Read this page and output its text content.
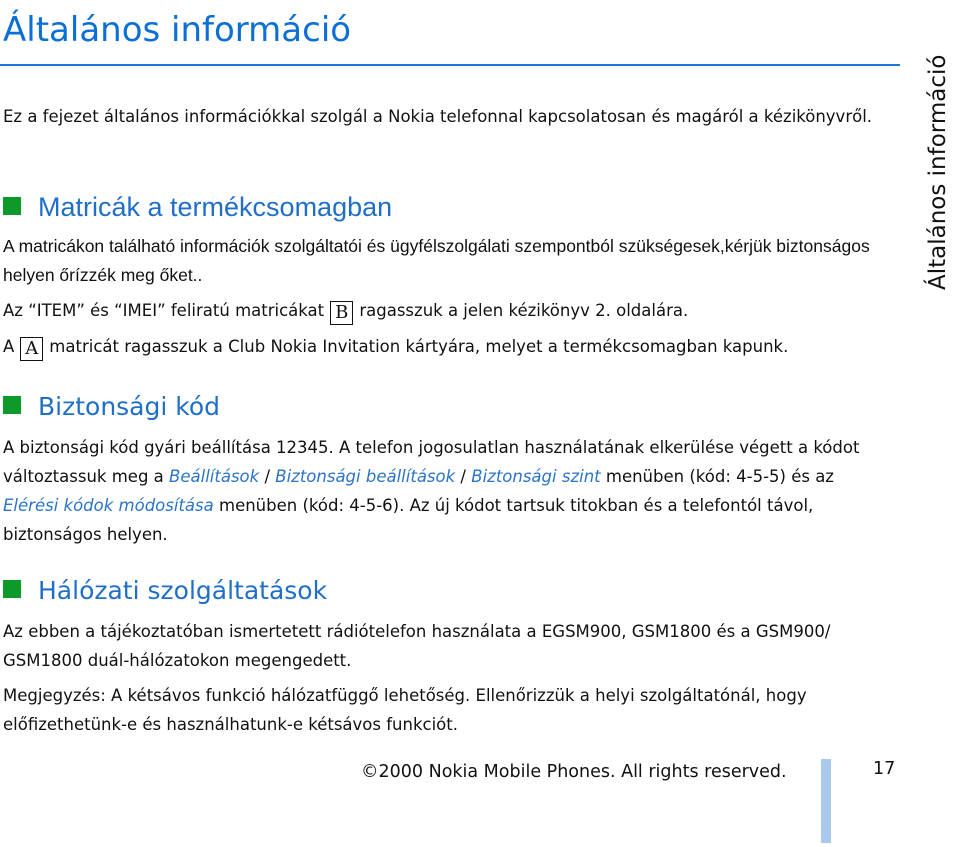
Általános információ
Általános információ

Ez a fejezet általános információkkal szolgál a Nokia telefonnal kapcsolatosan és magáról a kézikönyvről.

Matricák a termékcsomagban

A matricákon található információk szolgáltatói és ügyfélszolgálati szempontból szükségesek,kérjük biztonságos helyen őrízzék meg őket..

Az “ITEM” és “IMEI” feliratú matricákat B ragasszuk a jelen kézikönyv 2. oldalára.

A A matricát ragasszuk a Club Nokia Invitation kártyára, melyet a termékcsomagban kapunk.

Biztonsági kód

A biztonsági kód gyári beállítása 12345. A telefon jogosulatlan használatának elkerülése végett a kódot változtassuk meg a Beállítások / Biztonsági beállítások / Biztonsági szint menüben (kód: 4-5-5) és az Elérési kódok módosítása menüben (kód: 4-5-6). Az új kódot tartsuk titokban és a telefontól távol, biztonságos helyen.

Hálózati szolgáltatások

Az ebben a tájékoztatóban ismertetett rádiótelefon használata a EGSM900, GSM1800 és a GSM900/ GSM1800 duál-hálózatokon megengedett.

Megjegyzés: A kétsávos funkció hálózatfüggő lehetőség. Ellenőrizzük a helyi szolgáltatónál, hogy előfizethetünk-e és használhatunk-e kétsávos funkciót.

©2000 Nokia Mobile Phones. All rights reserved.	17
